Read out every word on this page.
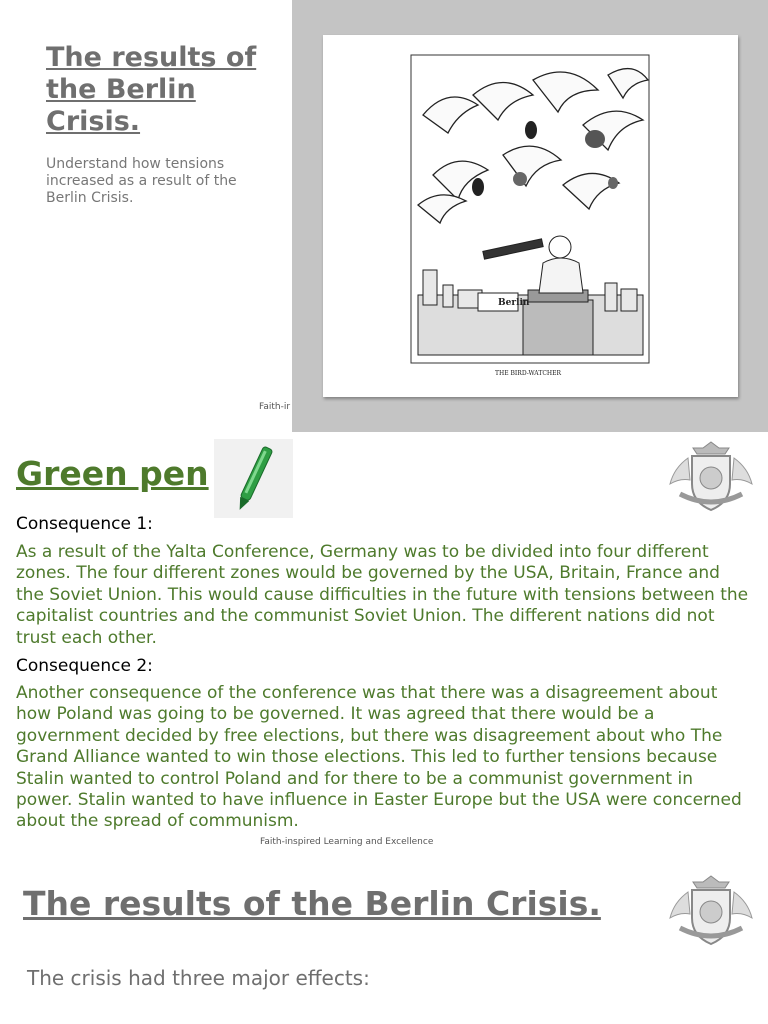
The results of the Berlin Crisis.
Understand how tensions increased as a result of the Berlin Crisis.
Berlin
THE BIRD-WATCHER
Faith-ir
Green pen
Consequence 1:
As a result of the Yalta Conference, Germany was to be divided into four different zones. The four different zones would be governed by the USA, Britain, France and the Soviet Union. This would cause difficulties in the future with tensions between the capitalist countries and the communist Soviet Union. The different nations did not trust each other.
Consequence 2:
Another consequence of the conference was that there was a disagreement about how Poland was going to be governed. It was agreed that there would be a government decided by free elections, but there was disagreement about who The Grand Alliance wanted to win those elections. This led to further tensions because Stalin wanted to control Poland and for there to be a communist government in power. Stalin wanted to have influence in Easter Europe but the USA were concerned about the spread of communism.
Faith-inspired Learning and Excellence
The results of the Berlin Crisis.
The crisis had three major effects:
